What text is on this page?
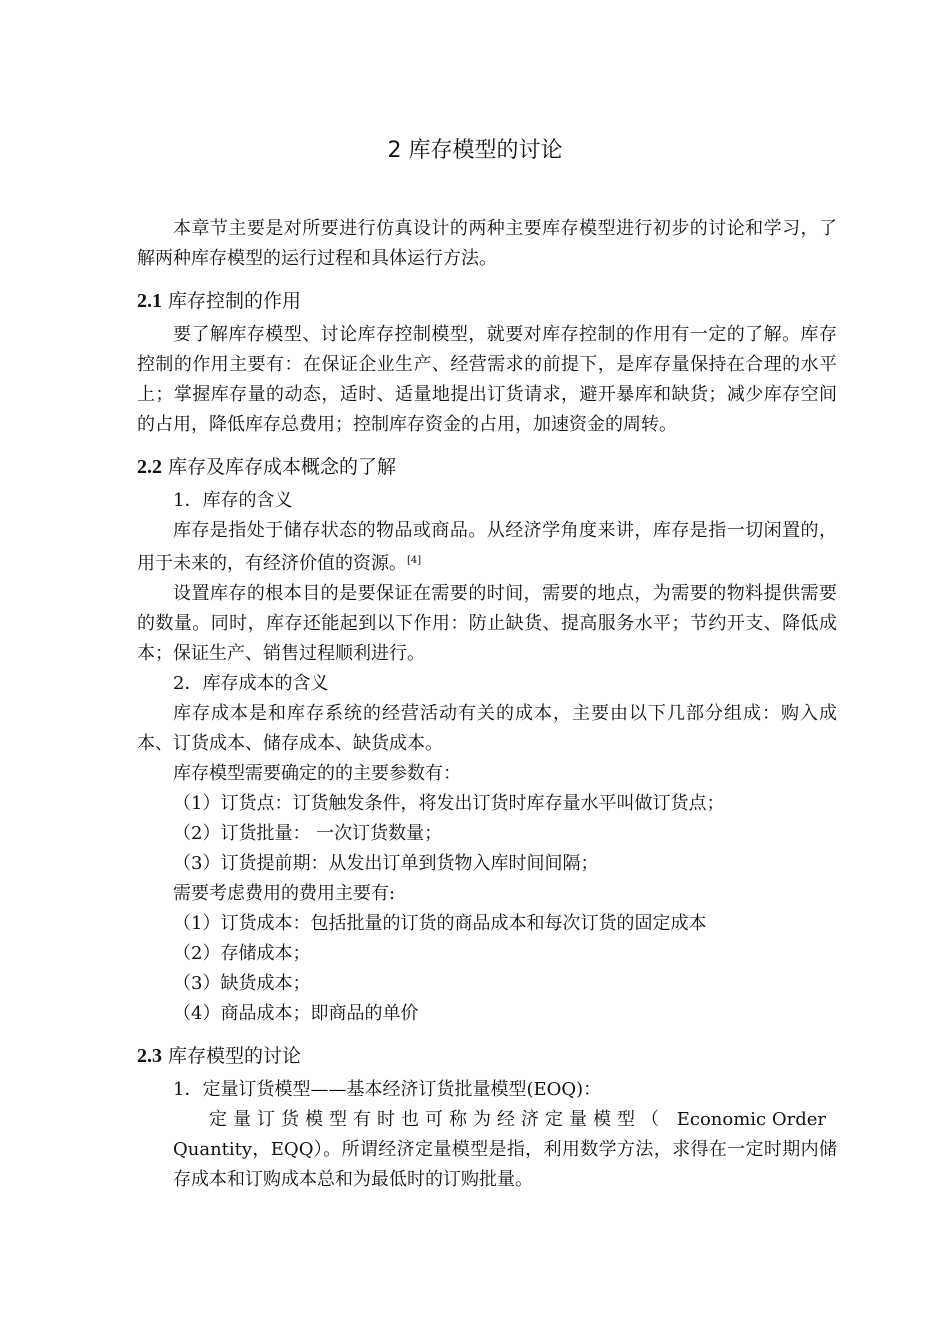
2 库存模型的讨论

本章节主要是对所要进行仿真设计的两种主要库存模型进行初步的讨论和学习，了解两种库存模型的运行过程和具体运行方法。

2.1 库存控制的作用

要了解库存模型、讨论库存控制模型，就要对库存控制的作用有一定的了解。库存控制的作用主要有：在保证企业生产、经营需求的前提下，是库存量保持在合理的水平上；掌握库存量的动态，适时、适量地提出订货请求，避开暴库和缺货；减少库存空间的占用，降低库存总费用；控制库存资金的占用，加速资金的周转。

2.2 库存及库存成本概念的了解

1．库存的含义

库存是指处于储存状态的物品或商品。从经济学角度来讲，库存是指一切闲置的，用于未来的，有经济价值的资源。[4]

设置库存的根本目的是要保证在需要的时间，需要的地点，为需要的物料提供需要的数量。同时，库存还能起到以下作用：防止缺货、提高服务水平；节约开支、降低成本；保证生产、销售过程顺利进行。

2．库存成本的含义

库存成本是和库存系统的经营活动有关的成本，主要由以下几部分组成：购入成本、订货成本、储存成本、缺货成本。

库存模型需要确定的的主要参数有：

（1）订货点：订货触发条件，将发出订货时库存量水平叫做订货点；

（2）订货批量： 一次订货数量；

（3）订货提前期：从发出订单到货物入库时间间隔；

需要考虑费用的费用主要有:

（1）订货成本：包括批量的订货的商品成本和每次订货的固定成本

（2）存储成本；

（3）缺货成本；

（4）商品成本；即商品的单价

2.3 库存模型的讨论

1．定量订货模型——基本经济订货批量模型(EOQ)：

定量订货模型有时也可称为经济定量模型（ Economic Order

Quantity，EQQ）。所谓经济定量模型是指，利用数学方法，求得在一定时期内储存成本和订购成本总和为最低时的订购批量。
